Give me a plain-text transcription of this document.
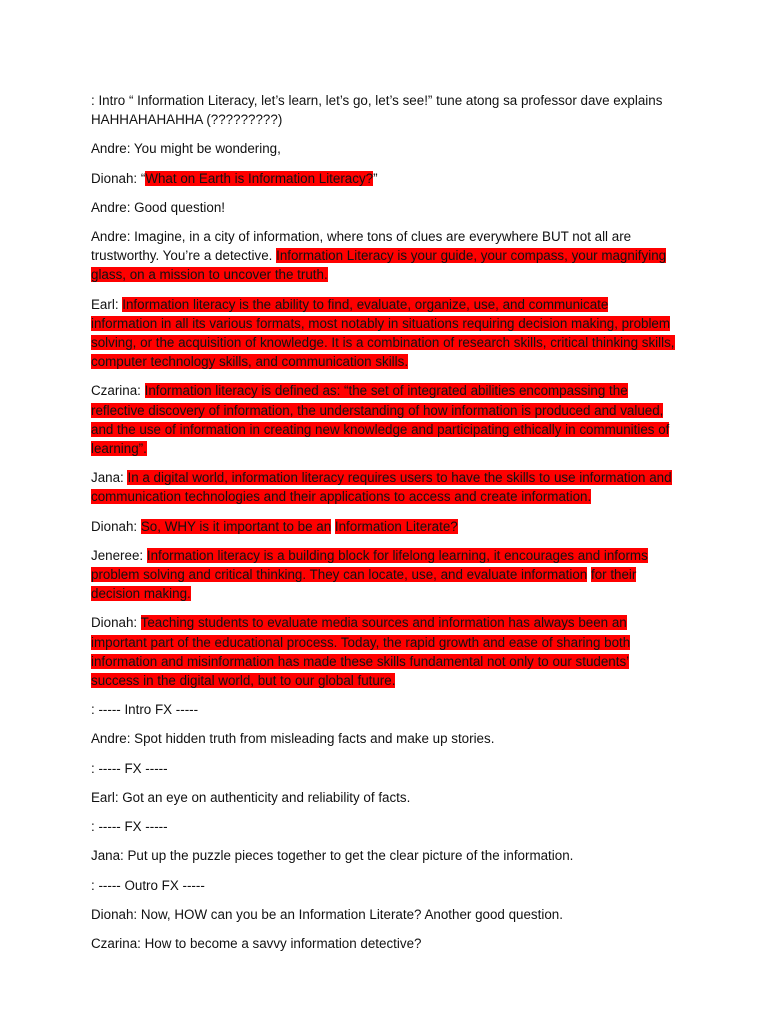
: Intro “ Information Literacy, let’s learn, let’s go, let’s see!” tune atong sa professor dave explains HAHHAHAHAHHA (?????????)

Andre: You might be wondering,

Dionah: “What on Earth is Information Literacy?”

Andre: Good question!

Andre: Imagine, in a city of information, where tons of clues are everywhere BUT not all are trustworthy. You’re a detective. Information Literacy is your guide, your compass, your magnifying glass, on a mission to uncover the truth.

Earl: Information literacy is the ability to find, evaluate, organize, use, and communicate information in all its various formats, most notably in situations requiring decision making, problem solving, or the acquisition of knowledge. It is a combination of research skills, critical thinking skills, computer technology skills, and communication skills.

Czarina: Information literacy is defined as: “the set of integrated abilities encompassing the reflective discovery of information, the understanding of how information is produced and valued, and the use of information in creating new knowledge and participating ethically in communities of learning”.

Jana: In a digital world, information literacy requires users to have the skills to use information and communication technologies and their applications to access and create information.

Dionah: So, WHY is it important to be an Information Literate?

Jeneree: Information literacy is a building block for lifelong learning, it encourages and informs problem solving and critical thinking. They can locate, use, and evaluate information for their decision making.

Dionah: Teaching students to evaluate media sources and information has always been an important part of the educational process. Today, the rapid growth and ease of sharing both information and misinformation has made these skills fundamental not only to our students’ success in the digital world, but to our global future.

: ----- Intro FX -----

Andre: Spot hidden truth from misleading facts and make up stories.

: ----- FX -----

Earl: Got an eye on authenticity and reliability of facts.

: ----- FX -----

Jana: Put up the puzzle pieces together to get the clear picture of the information.

: ----- Outro FX -----

Dionah: Now, HOW can you be an Information Literate? Another good question.

Czarina: How to become a savvy information detective?
